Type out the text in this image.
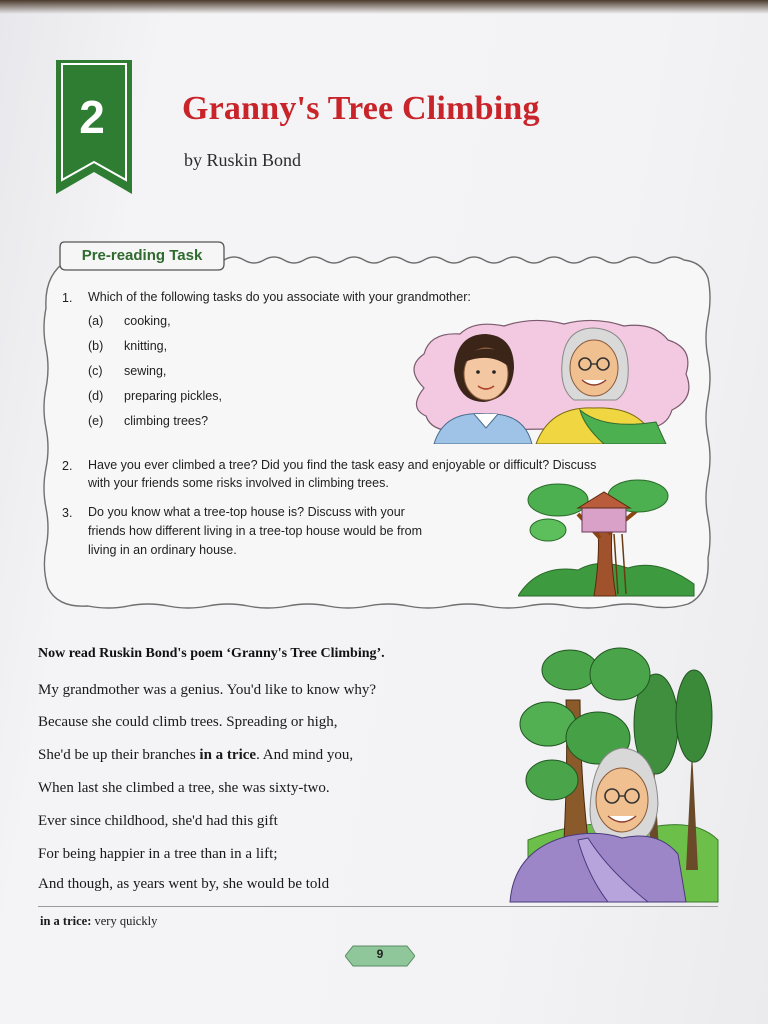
2	Granny's Tree Climbing
by Ruskin Bond
Pre-reading Task
1. Which of the following tasks do you associate with your grandmother:
(a) cooking,
(b) knitting,
(c) sewing,
(d) preparing pickles,
(e) climbing trees?
2. Have you ever climbed a tree? Did you find the task easy and enjoyable or difficult? Discuss
with your friends some risks involved in climbing trees.
3. Do you know what a tree-top house is? Discuss with your
friends how different living in a tree-top house would be from
living in an ordinary house.
Now read Ruskin Bond's poem ‘Granny's Tree Climbing’.
My grandmother was a genius. You'd like to know why?
Because she could climb trees. Spreading or high,
She'd be up their branches in a trice. And mind you,
When last she climbed a tree, she was sixty-two.
Ever since childhood, she'd had this gift
For being happier in a tree than in a lift;
And though, as years went by, she would be told
in a trice: very quickly
9
